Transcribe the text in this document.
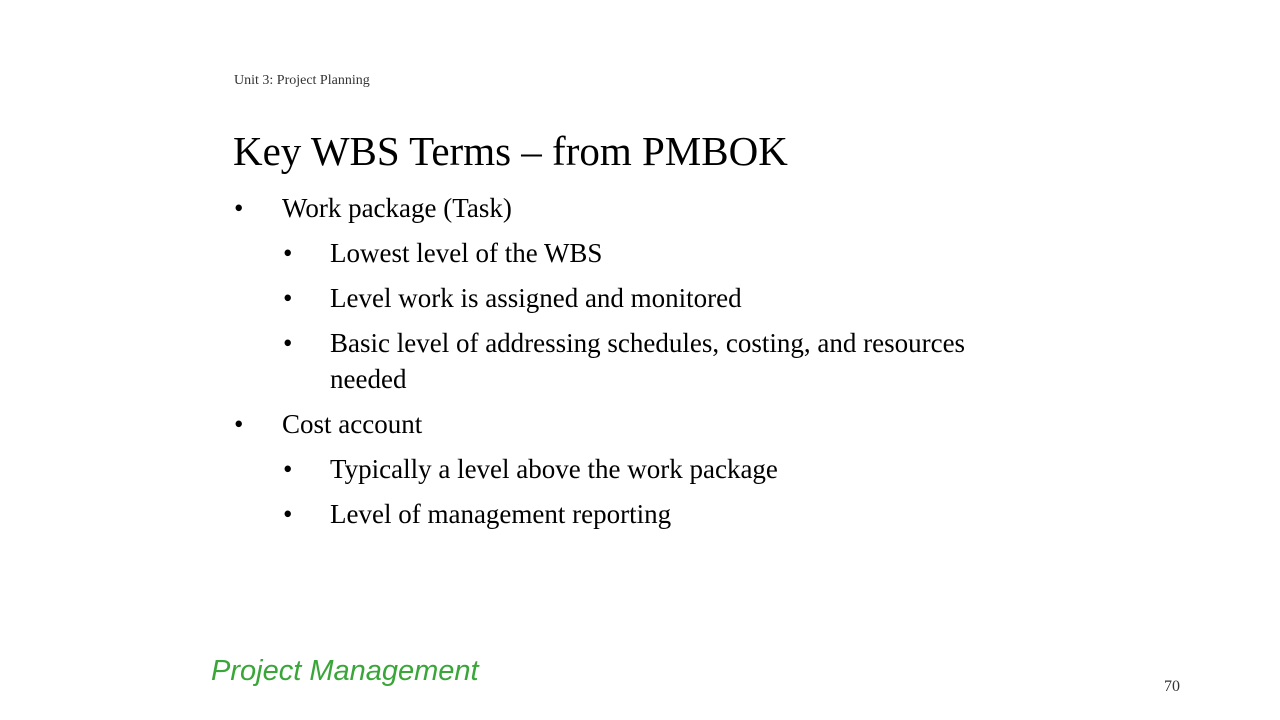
Unit 3: Project Planning
Key WBS Terms – from PMBOK
•	Work package (Task)
•	Lowest level of the WBS
•	Level work is assigned and monitored
•	Basic level of addressing schedules, costing, and resources needed
•	Cost account
•	Typically a level above the work package
•	Level of management reporting
Project Management	70
